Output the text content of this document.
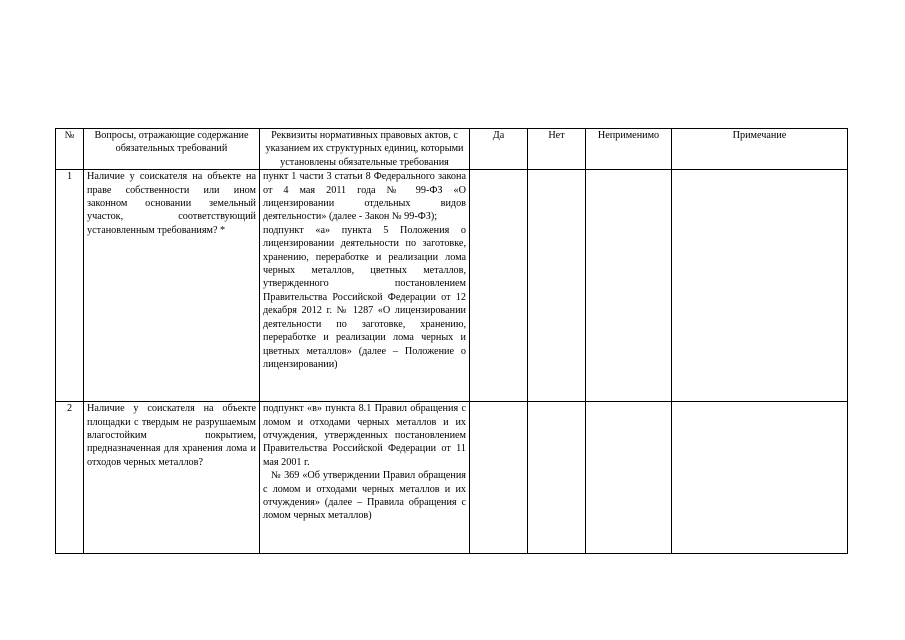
№	Вопросы, отражающие содержание обязательных требований	Реквизиты нормативных правовых актов, с указанием их структурных единиц, которыми установлены обязательные требования	Да	Нет	Неприменимо	Примечание
1	Наличие у соискателя на объекте на праве собственности или ином законном основании земельный участок, соответствующий установленным требованиям? *	пункт 1 части 3 статьи 8 Федерального закона от 4 мая 2011 года № 99-ФЗ «О лицензировании отдельных видов деятельности» (далее - Закон № 99-ФЗ);
подпункт «а» пункта 5 Положения о лицензировании деятельности по заготовке, хранению, переработке и реализации лома черных металлов, цветных металлов, утвержденного постановлением Правительства Российской Федерации от 12 декабря 2012 г. № 1287 «О лицензировании деятельности по заготовке, хранению, переработке и реализации лома черных и цветных металлов» (далее – Положение о лицензировании)				

2	Наличие у соискателя на объекте площадки с твердым не разрушаемым влагостойким покрытием, предназначенная для хранения лома и отходов черных металлов?	подпункт «в» пункта 8.1 Правил обращения с ломом и отходами черных металлов и их отчуждения, утвержденных постановлением Правительства Российской Федерации от 11 мая 2001 г.
№ 369 «Об утверждении Правил обращения с ломом и отходами черных металлов и их отчуждения» (далее – Правила обращения с ломом черных металлов)				
